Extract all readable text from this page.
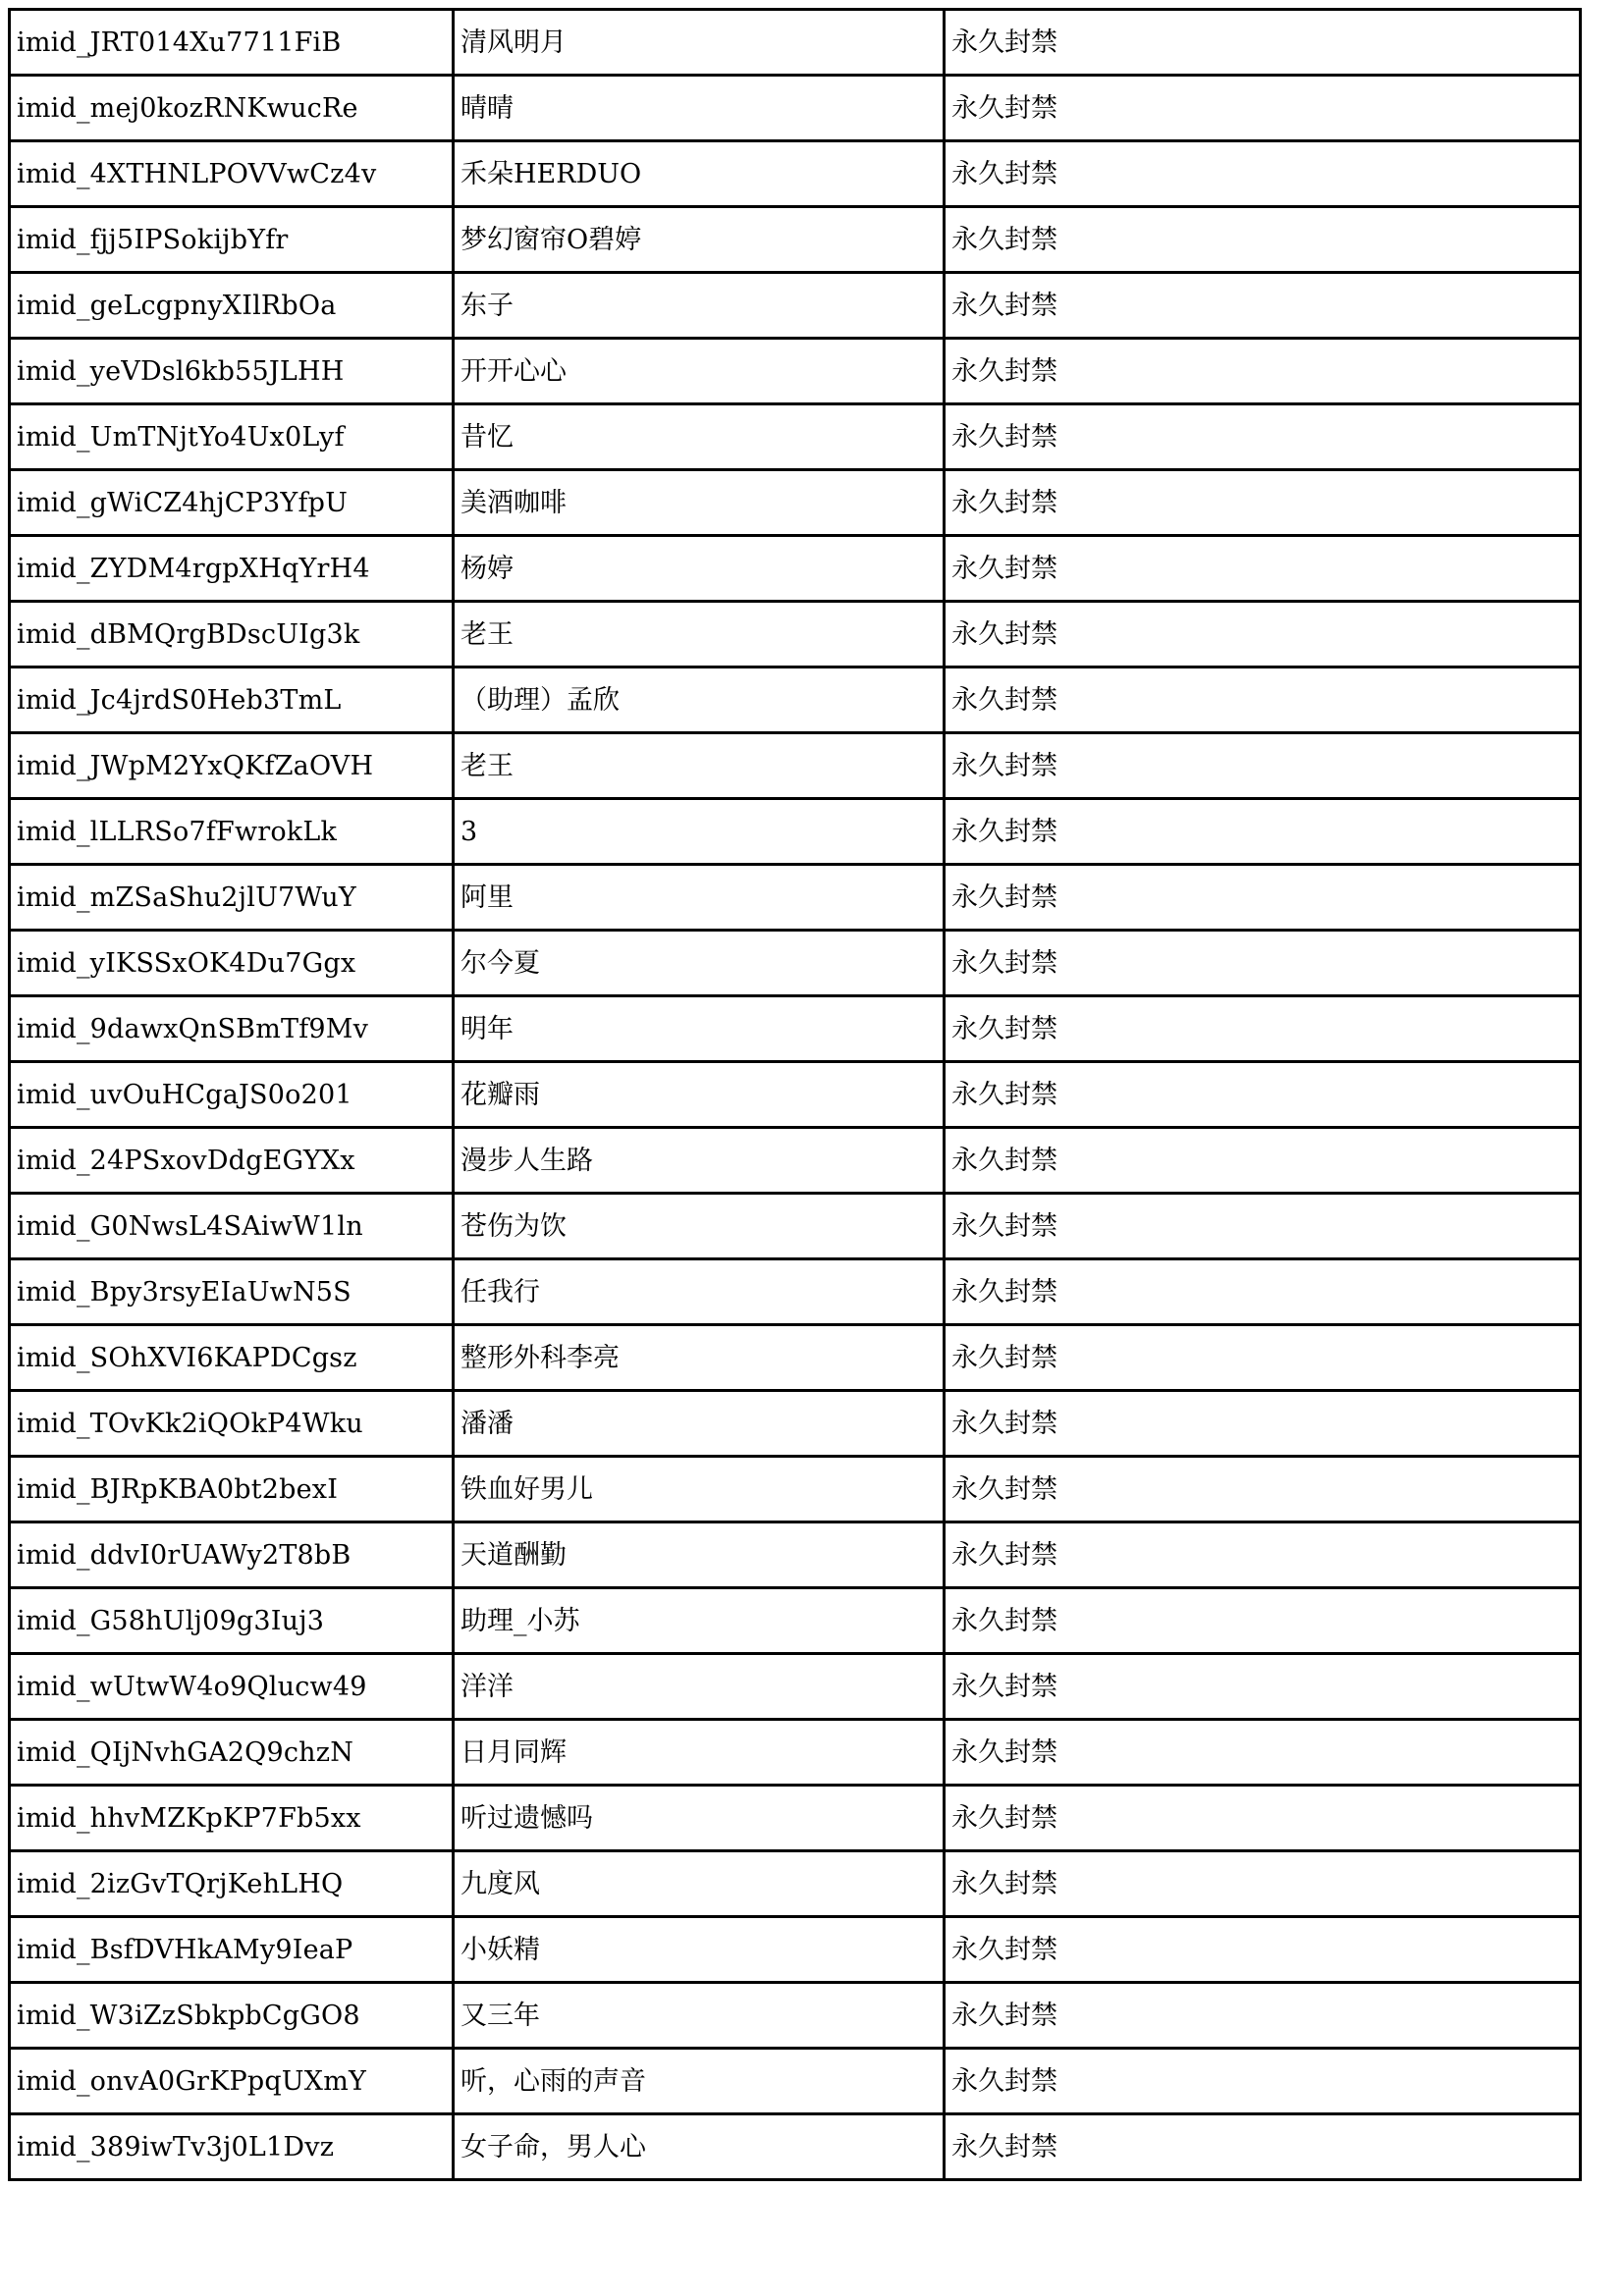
imid_JRT014Xu7711FiB	清风明月	永久封禁
imid_mej0kozRNKwucRe	晴晴	永久封禁
imid_4XTHNLPOVVwCz4v	禾朵HERDUO	永久封禁
imid_fjj5IPSokijbYfr	梦幻窗帘O碧婷	永久封禁
imid_geLcgpnyXIlRbOa	东子	永久封禁
imid_yeVDsl6kb55JLHH	开开心心	永久封禁
imid_UmTNjtYo4Ux0Lyf	昔忆	永久封禁
imid_gWiCZ4hjCP3YfpU	美酒咖啡	永久封禁
imid_ZYDM4rgpXHqYrH4	杨婷	永久封禁
imid_dBMQrgBDscUIg3k	老王	永久封禁
imid_Jc4jrdS0Heb3TmL	（助理）孟欣	永久封禁
imid_JWpM2YxQKfZaOVH	老王	永久封禁
imid_lLLRSo7fFwrokLk	3	永久封禁
imid_mZSaShu2jlU7WuY	阿里	永久封禁
imid_yIKSSxOK4Du7Ggx	尔今夏	永久封禁
imid_9dawxQnSBmTf9Mv	明年	永久封禁
imid_uvOuHCgaJS0o201	花瓣雨	永久封禁
imid_24PSxovDdgEGYXx	漫步人生路	永久封禁
imid_G0NwsL4SAiwW1ln	苍伤为饮	永久封禁
imid_Bpy3rsyEIaUwN5S	任我行	永久封禁
imid_SOhXVI6KAPDCgsz	整形外科李亮	永久封禁
imid_TOvKk2iQOkP4Wku	潘潘	永久封禁
imid_BJRpKBA0bt2bexI	铁血好男儿	永久封禁
imid_ddvI0rUAWy2T8bB	天道酬勤	永久封禁
imid_G58hUlj09g3Iuj3	助理_小苏	永久封禁
imid_wUtwW4o9Qlucw49	洋洋	永久封禁
imid_QIjNvhGA2Q9chzN	日月同辉	永久封禁
imid_hhvMZKpKP7Fb5xx	听过遗憾吗	永久封禁
imid_2izGvTQrjKehLHQ	九度风	永久封禁
imid_BsfDVHkAMy9IeaP	小妖精	永久封禁
imid_W3iZzSbkpbCgGO8	又三年	永久封禁
imid_onvA0GrKPpqUXmY	听，心雨的声音	永久封禁
imid_389iwTv3j0L1Dvz	女子命，男人心	永久封禁
